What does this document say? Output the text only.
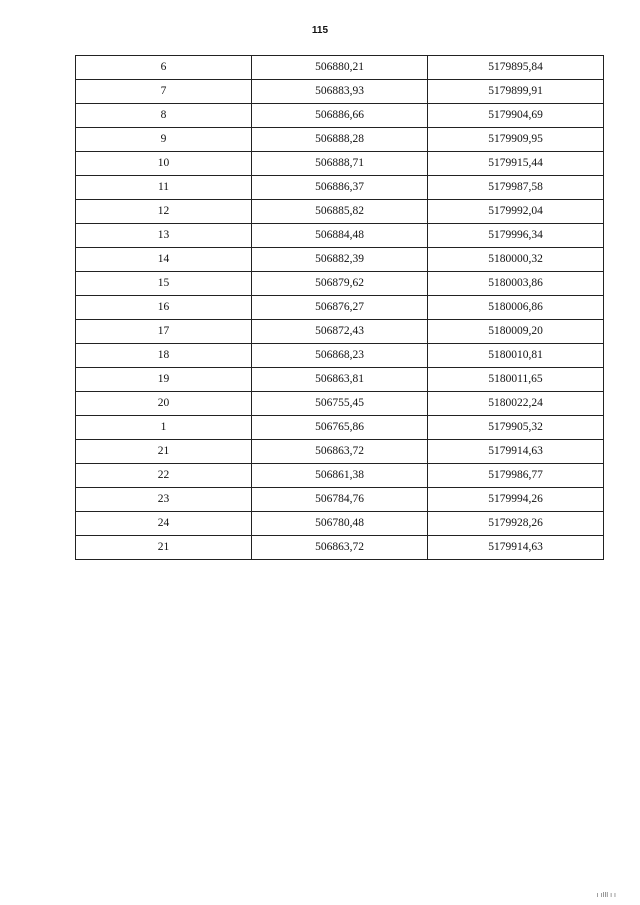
115
6	506880,21	5179895,84
7	506883,93	5179899,91
8	506886,66	5179904,69
9	506888,28	5179909,95
10	506888,71	5179915,44
11	506886,37	5179987,58
12	506885,82	5179992,04
13	506884,48	5179996,34
14	506882,39	5180000,32
15	506879,62	5180003,86
16	506876,27	5180006,86
17	506872,43	5180009,20
18	506868,23	5180010,81
19	506863,81	5180011,65
20	506755,45	5180022,24
1	506765,86	5179905,32
21	506863,72	5179914,63
22	506861,38	5179986,77
23	506784,76	5179994,26
24	506780,48	5179928,26
21	506863,72	5179914,63
ı ıIII ı ı
